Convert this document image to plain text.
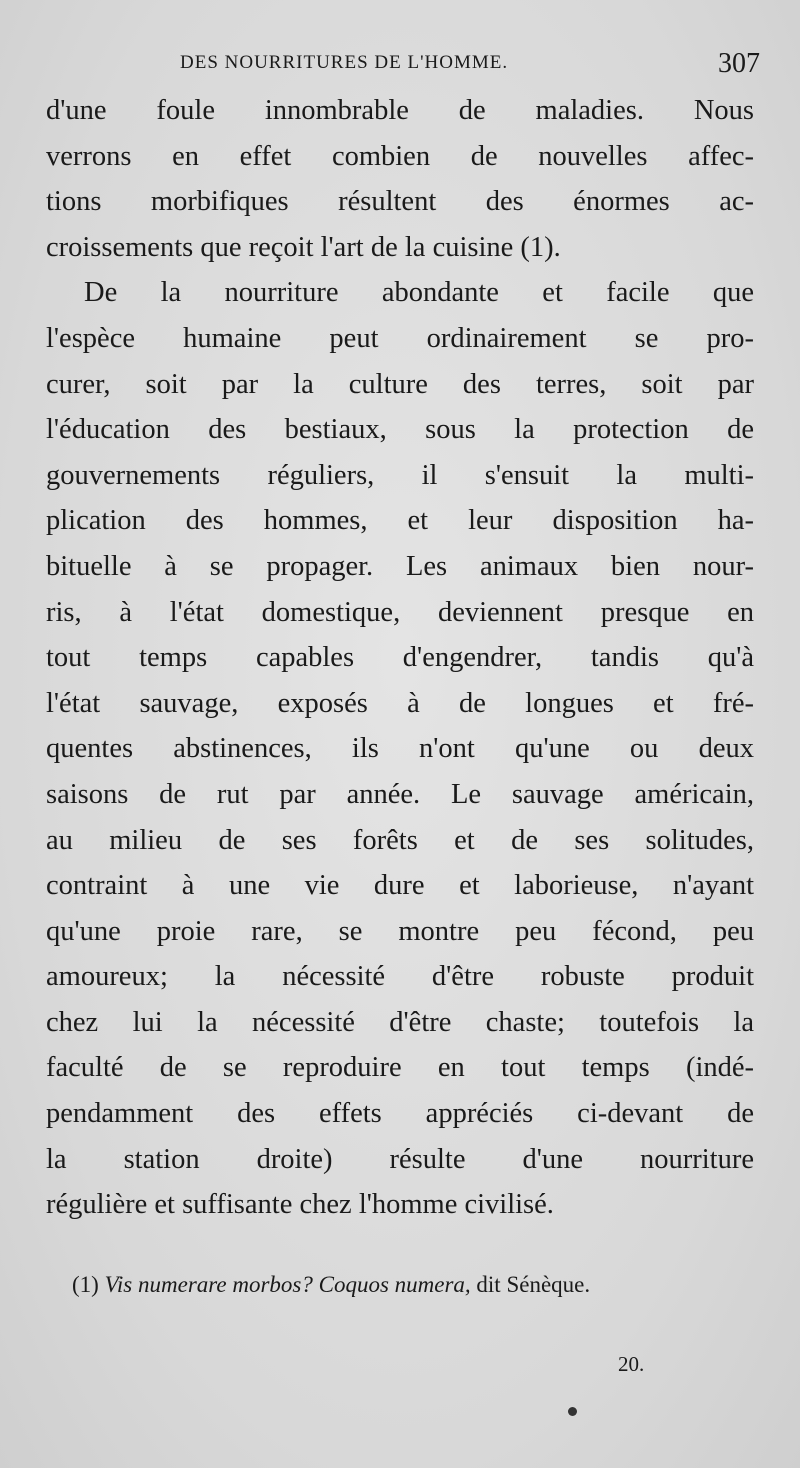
DES NOURRITURES DE L'HOMME.	307
d'une foule innombrable de maladies. Nous
verrons en effet combien de nouvelles affec-
tions morbifiques résultent des énormes ac-
croissements que reçoit l'art de la cuisine (1).
De la nourriture abondante et facile que
l'espèce humaine peut ordinairement se pro-
curer, soit par la culture des terres, soit par
l'éducation des bestiaux, sous la protection de
gouvernements réguliers, il s'ensuit la multi-
plication des hommes, et leur disposition ha-
bituelle à se propager. Les animaux bien nour-
ris, à l'état domestique, deviennent presque en
tout temps capables d'engendrer, tandis qu'à
l'état sauvage, exposés à de longues et fré-
quentes abstinences, ils n'ont qu'une ou deux
saisons de rut par année. Le sauvage américain,
au milieu de ses forêts et de ses solitudes,
contraint à une vie dure et laborieuse, n'ayant
qu'une proie rare, se montre peu fécond, peu
amoureux; la nécessité d'être robuste produit
chez lui la nécessité d'être chaste; toutefois la
faculté de se reproduire en tout temps (indé-
pendamment des effets appréciés ci-devant de
la station droite) résulte d'une nourriture
régulière et suffisante chez l'homme civilisé.
(1) Vis numerare morbos? Coquos numera, dit Sénèque.
20.
